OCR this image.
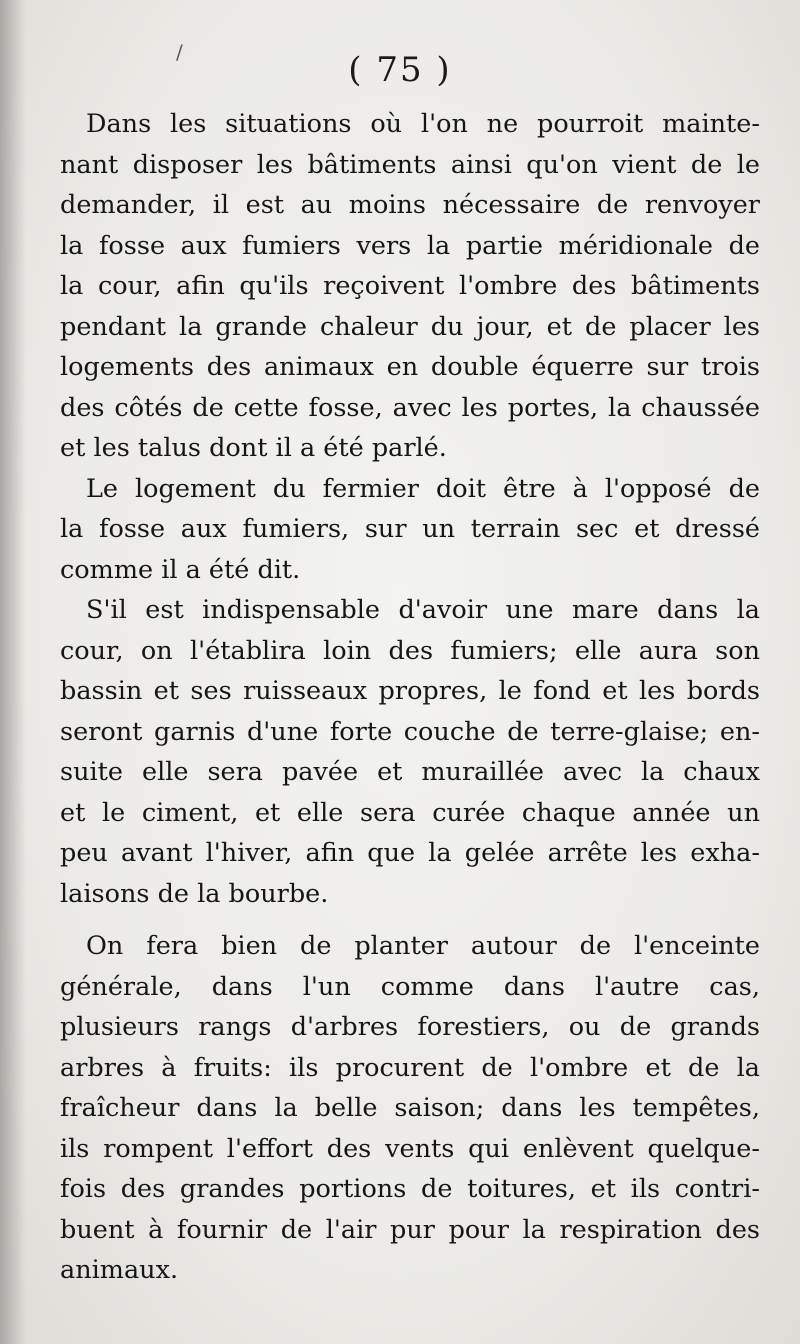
/	( 75 )
Dans les situations où l'on ne pourroit mainte-
nant disposer les bâtiments ainsi qu'on vient de le
demander, il est au moins nécessaire de renvoyer
la fosse aux fumiers vers la partie méridionale de
la cour, afin qu'ils reçoivent l'ombre des bâtiments
pendant la grande chaleur du jour, et de placer les
logements des animaux en double équerre sur trois
des côtés de cette fosse, avec les portes, la chaussée
et les talus dont il a été parlé.
Le logement du fermier doit être à l'opposé de
la fosse aux fumiers, sur un terrain sec et dressé
comme il a été dit.
S'il est indispensable d'avoir une mare dans la
cour, on l'établira loin des fumiers; elle aura son
bassin et ses ruisseaux propres, le fond et les bords
seront garnis d'une forte couche de terre-glaise; en-
suite elle sera pavée et muraillée avec la chaux
et le ciment, et elle sera curée chaque année un
peu avant l'hiver, afin que la gelée arrête les exha-
laisons de la bourbe.
On fera bien de planter autour de l'enceinte
générale, dans l'un comme dans l'autre cas,
plusieurs rangs d'arbres forestiers, ou de grands
arbres à fruits: ils procurent de l'ombre et de la
fraîcheur dans la belle saison; dans les tempêtes,
ils rompent l'effort des vents qui enlèvent quelque-
fois des grandes portions de toitures, et ils contri-
buent à fournir de l'air pur pour la respiration des
animaux.
